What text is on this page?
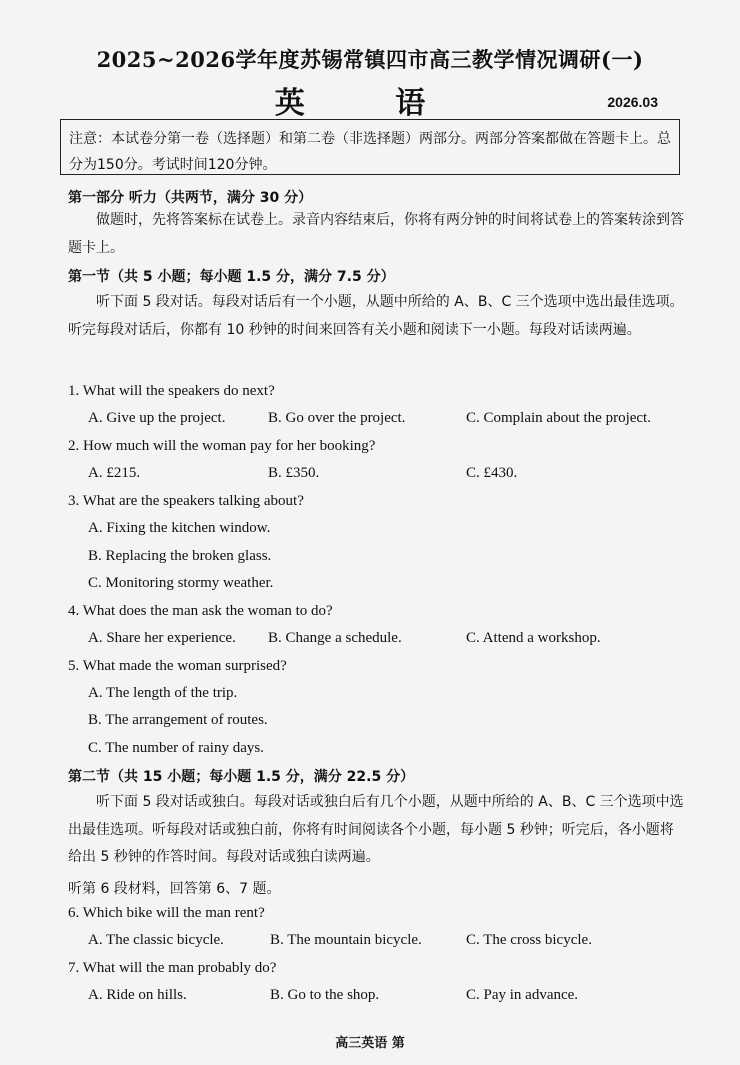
2025~2026学年度苏锡常镇四市高三教学情况调研(一)
英 语	2026.03
注意：本试卷分第一卷（选择题）和第二卷（非选择题）两部分。两部分答案都做在答题卡上。总分为150分。考试时间120分钟。
第一部分 听力（共两节，满分 30 分）
做题时，先将答案标在试卷上。录音内容结束后，你将有两分钟的时间将试卷上的答案转涂到答题卡上。
第一节（共 5 小题；每小题 1.5 分，满分 7.5 分）
听下面 5 段对话。每段对话后有一个小题，从题中所给的 A、B、C 三个选项中选出最佳选项。听完每段对话后，你都有 10 秒钟的时间来回答有关小题和阅读下一小题。每段对话读两遍。
1. What will the speakers do next?
A. Give up the project.	B. Go over the project.	C. Complain about the project.
2. How much will the woman pay for her booking?
A. £215.	B. £350.	C. £430.
3. What are the speakers talking about?
A. Fixing the kitchen window.
B. Replacing the broken glass.
C. Monitoring stormy weather.
4. What does the man ask the woman to do?
A. Share her experience. B. Change a schedule.	C. Attend a workshop.
5. What made the woman surprised?
A. The length of the trip.
B. The arrangement of routes.
C. The number of rainy days.
第二节（共 15 小题；每小题 1.5 分，满分 22.5 分）
听下面 5 段对话或独白。每段对话或独白后有几个小题，从题中所给的 A、B、C 三个选项中选出最佳选项。听每段对话或独白前，你将有时间阅读各个小题，每小题 5 秒钟；听完后，各小题将给出 5 秒钟的作答时间。每段对话或独白读两遍。
听第 6 段材料，回答第 6、7 题。
6. Which bike will the man rent?
A. The classic bicycle.	B. The mountain bicycle.	C. The cross bicycle.
7. What will the man probably do?
A. Ride on hills.	B. Go to the shop.	C. Pay in advance.
高三英语 第
